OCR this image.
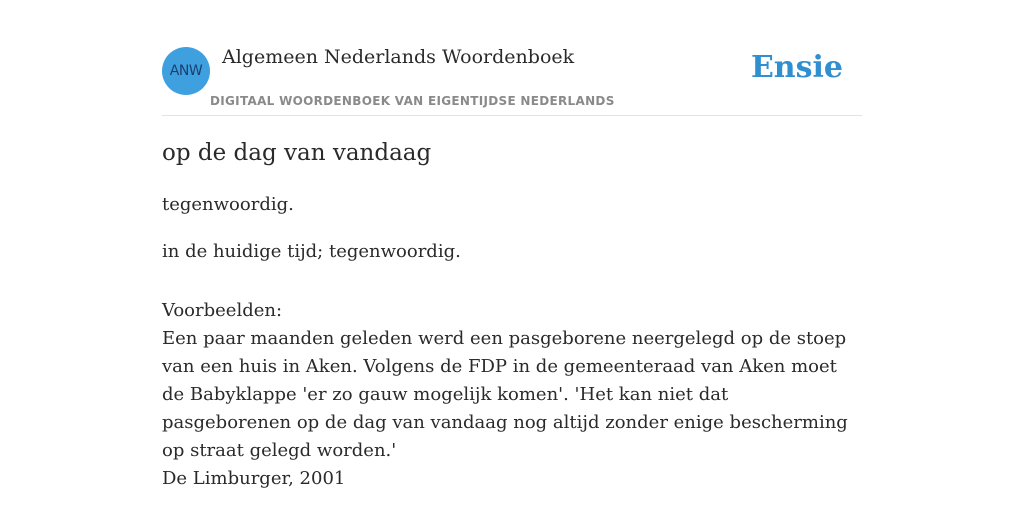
ANW
Algemeen Nederlands Woordenboek
DIGITAAL WOORDENBOEK VAN EIGENTIJDSE NEDERLANDS
Ensie
op de dag van vandaag
tegenwoordig.
in de huidige tijd; tegenwoordig.
Voorbeelden:
Een paar maanden geleden werd een pasgeborene neergelegd op de stoep van een huis in Aken. Volgens de FDP in de gemeenteraad van Aken moet de Babyklappe 'er zo gauw mogelijk komen'. 'Het kan niet dat pasgeborenen op de dag van vandaag nog altijd zonder enige bescherming op straat gelegd worden.'
De Limburger, 2001
